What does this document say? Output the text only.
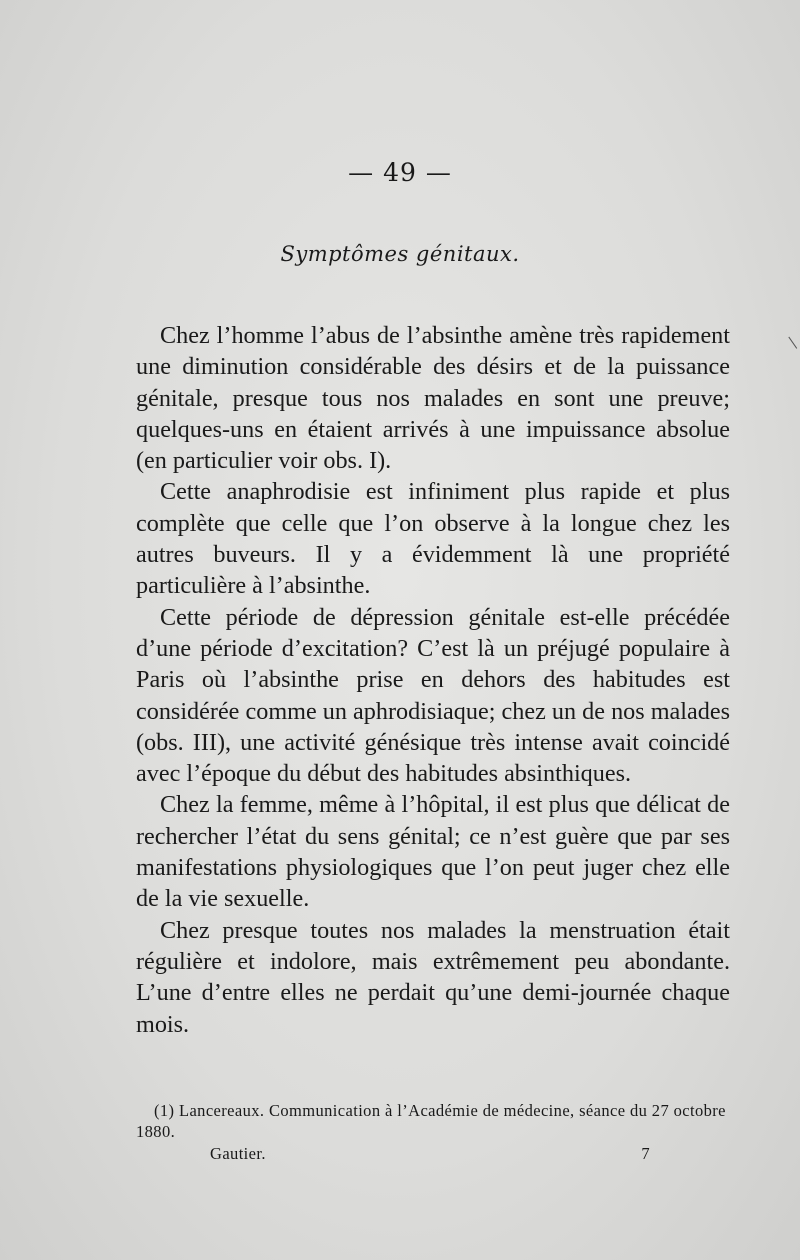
— 49 —
Symptômes génitaux.

Chez l’homme l’abus de l’absinthe amène très rapidement une diminution considérable des désirs et de la puissance génitale, presque tous nos malades en sont une preuve; quelques-uns en étaient arrivés à une impuissance absolue (en particulier voir obs. I).

Cette anaphrodisie est infiniment plus rapide et plus complète que celle que l’on observe à la longue chez les autres buveurs. Il y a évidemment là une propriété particulière à l’absinthe.

Cette période de dépression génitale est-elle précédée d’une période d’excitation? C’est là un préjugé populaire à Paris où l’absinthe prise en dehors des habitudes est considérée comme un aphrodisiaque; chez un de nos malades (obs. III), une activité génésique très intense avait coincidé avec l’époque du début des habitudes absinthiques.

Chez la femme, même à l’hôpital, il est plus que délicat de rechercher l’état du sens génital; ce n’est guère que par ses manifestations physiologiques que l’on peut juger chez elle de la vie sexuelle.

Chez presque toutes nos malades la menstruation était régulière et indolore, mais extrêmement peu abondante. L’une d’entre elles ne perdait qu’une demi-journée chaque mois.

(1) Lancereaux. Communication à l’Académie de médecine, séance du 27 octobre 1880.

Gautier.	7
